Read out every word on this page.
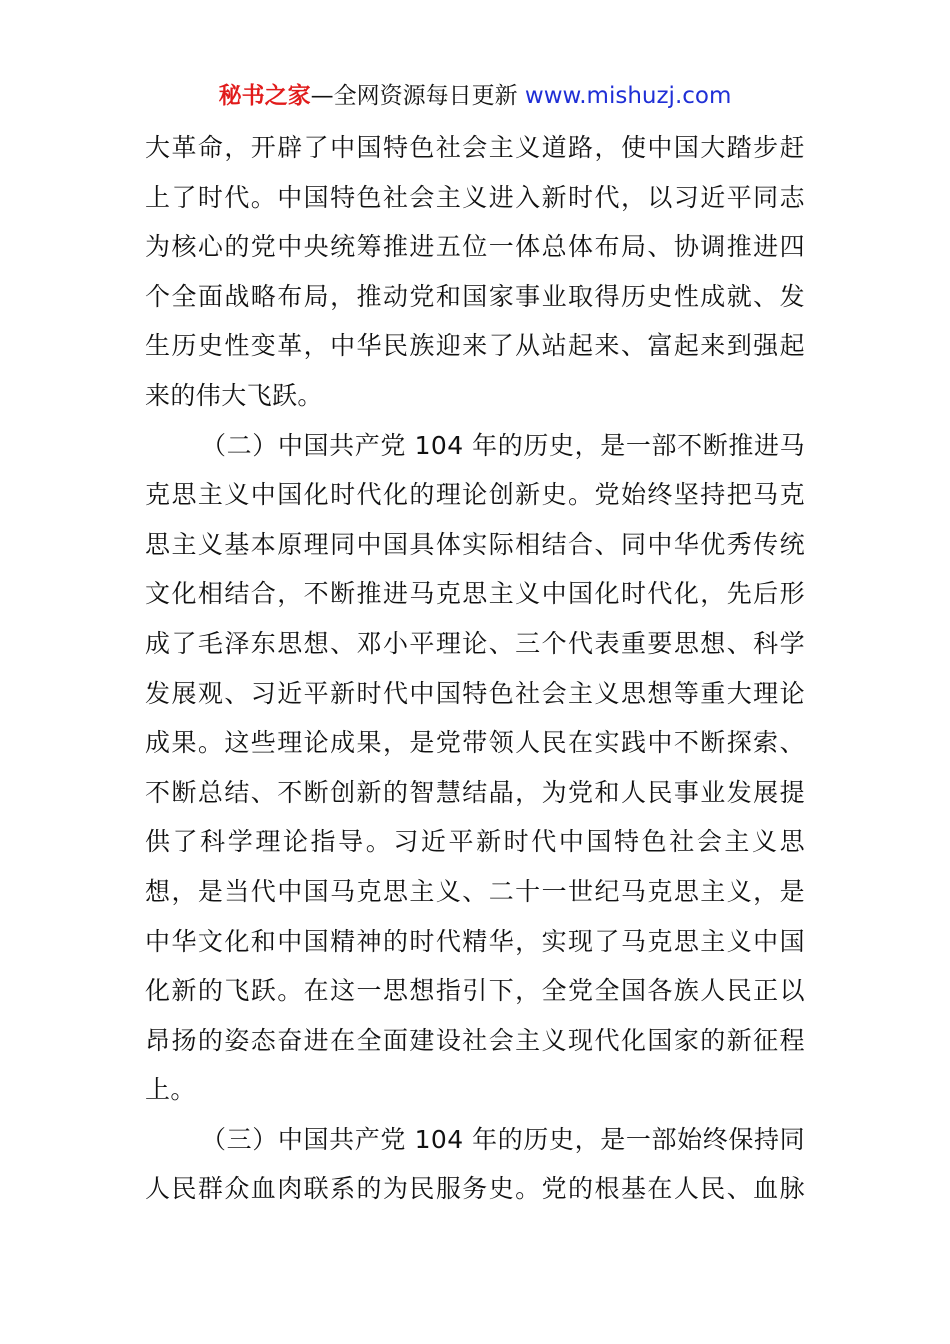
秘书之家—全网资源每日更新 www.mishuzj.com
大革命，开辟了中国特色社会主义道路，使中国大踏步赶
上了时代。中国特色社会主义进入新时代，以习近平同志
为核心的党中央统筹推进五位一体总体布局、协调推进四
个全面战略布局，推动党和国家事业取得历史性成就、发
生历史性变革，中华民族迎来了从站起来、富起来到强起
来的伟大飞跃。
（二）中国共产党 104 年的历史，是一部不断推进马
克思主义中国化时代化的理论创新史。党始终坚持把马克
思主义基本原理同中国具体实际相结合、同中华优秀传统
文化相结合，不断推进马克思主义中国化时代化，先后形
成了毛泽东思想、邓小平理论、三个代表重要思想、科学
发展观、习近平新时代中国特色社会主义思想等重大理论
成果。这些理论成果，是党带领人民在实践中不断探索、
不断总结、不断创新的智慧结晶，为党和人民事业发展提
供了科学理论指导。习近平新时代中国特色社会主义思
想，是当代中国马克思主义、二十一世纪马克思主义，是
中华文化和中国精神的时代精华，实现了马克思主义中国
化新的飞跃。在这一思想指引下，全党全国各族人民正以
昂扬的姿态奋进在全面建设社会主义现代化国家的新征程
上。
（三）中国共产党 104 年的历史，是一部始终保持同
人民群众血肉联系的为民服务史。党的根基在人民、血脉
